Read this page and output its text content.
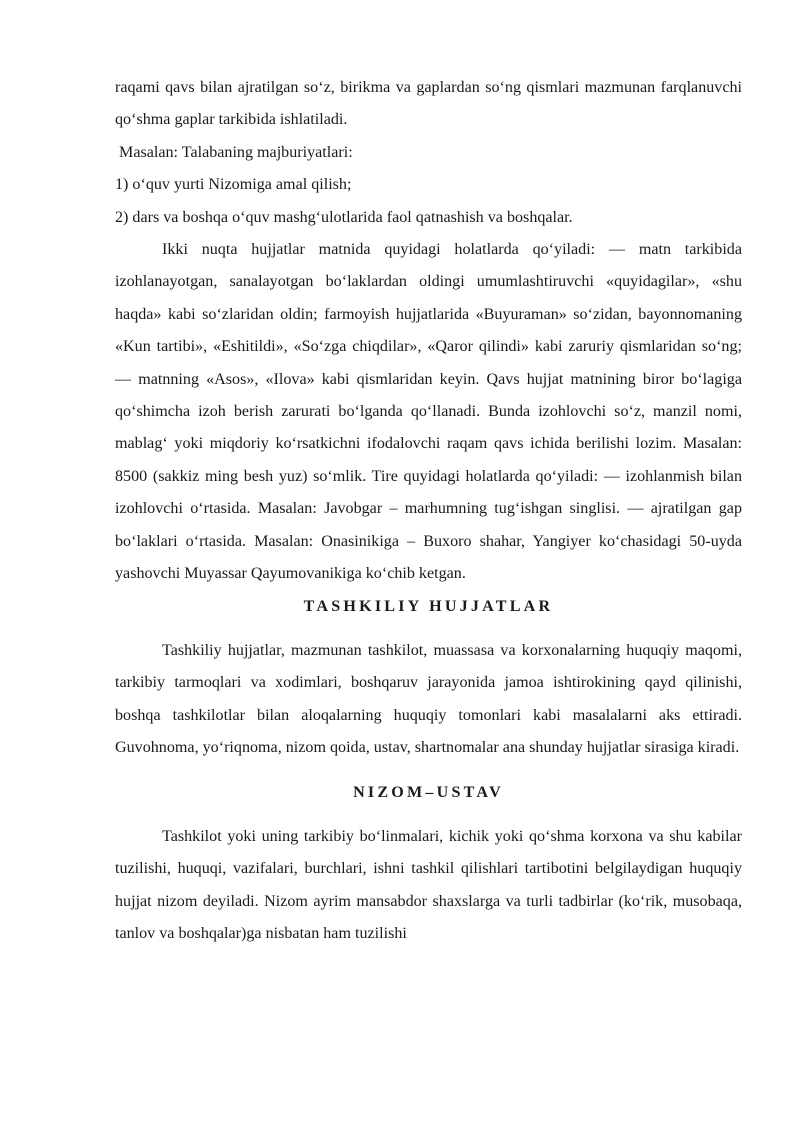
raqami qavs bilan ajratilgan so‘z, birikma va gaplardan so‘ng qismlari mazmunan farqlanuvchi qo‘shma gaplar tarkibida ishlatiladi.

Masalan: Talabaning majburiyatlari:

1) o‘quv yurti Nizomiga amal qilish;

2) dars va boshqa o‘quv mashg‘ulotlarida faol qatnashish va boshqalar.

Ikki nuqta hujjatlar matnida quyidagi holatlarda qo‘yiladi: — matn tarkibida izohlanayotgan, sanalayotgan bo‘laklardan oldingi umumlashtiruvchi «quyidagilar», «shu haqda» kabi so‘zlaridan oldin; farmoyish hujjatlarida «Buyuraman» so‘zidan, bayonnomaning «Kun tartibi», «Eshitildi», «So‘zga chiqdilar», «Qaror qilindi» kabi zaruriy qismlaridan so‘ng; — matnning «Asos», «Ilova» kabi qismlaridan keyin. Qavs hujjat matnining biror bo‘lagiga qo‘shimcha izoh berish zarurati bo‘lganda qo‘llanadi. Bunda izohlovchi so‘z, manzil nomi, mablag‘ yoki miqdoriy ko‘rsatkichni ifodalovchi raqam qavs ichida berilishi lozim. Masalan: 8500 (sakkiz ming besh yuz) so‘mlik. Tire quyidagi holatlarda qo‘yiladi: — izohlanmish bilan izohlovchi o‘rtasida. Masalan: Javobgar – marhumning tug‘ishgan singlisi. — ajratilgan gap bo‘laklari o‘rtasida. Masalan: Onasinikiga – Buxoro shahar, Yangiyer ko‘chasidagi 50-uyda yashovchi Muyassar Qayumovanikiga ko‘chib ketgan.

TASHKILIY HUJJATLAR

Tashkiliy hujjatlar, mazmunan tashkilot, muassasa va korxonalarning huquqiy maqomi, tarkibiy tarmoqlari va xodimlari, boshqaruv jarayonida jamoa ishtirokining qayd qilinishi, boshqa tashkilotlar bilan aloqalarning huquqiy tomonlari kabi masalalarni aks ettiradi. Guvohnoma, yo‘riqnoma, nizom qoida, ustav, shartnomalar ana shunday hujjatlar sirasiga kiradi.

NIZOM–USTAV

Tashkilot yoki uning tarkibiy bo‘linmalari, kichik yoki qo‘shma korxona va shu kabilar tuzilishi, huquqi, vazifalari, burchlari, ishni tashkil qilishlari tartibotini belgilaydigan huquqiy hujjat nizom deyiladi. Nizom ayrim mansabdor shaxslarga va turli tadbirlar (ko‘rik, musobaqa, tanlov va boshqalar)ga nisbatan ham tuzilishi
